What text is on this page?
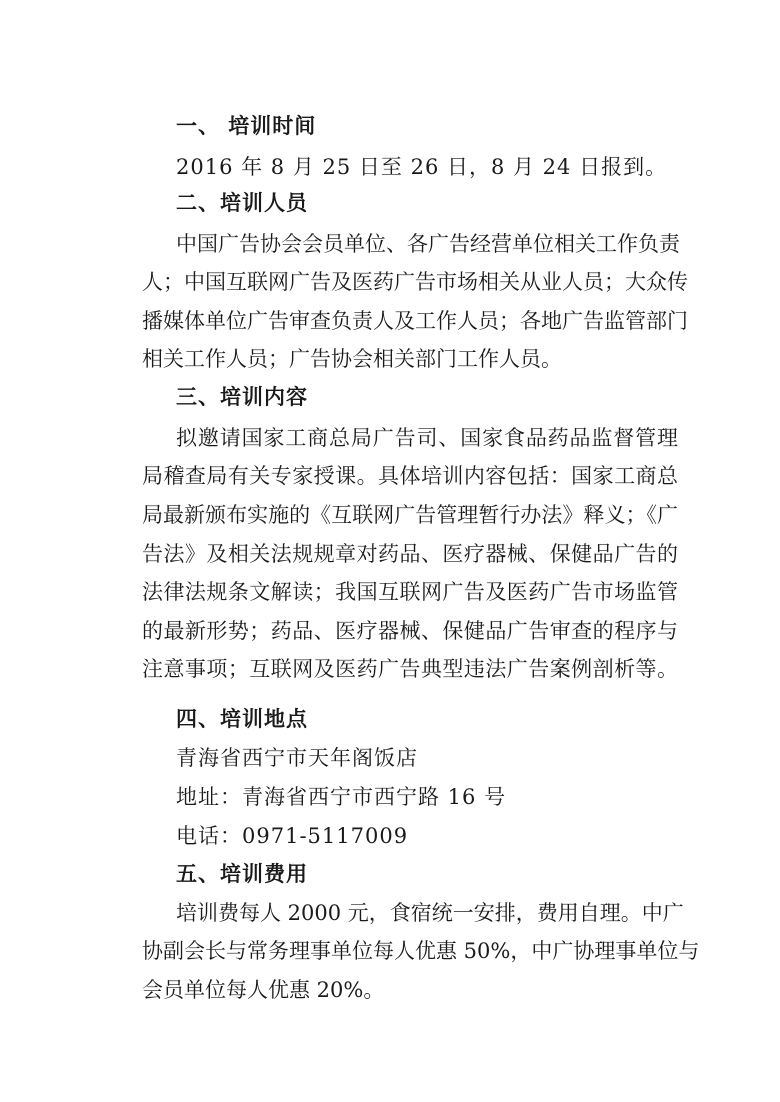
一、 培训时间
2016 年 8 月 25 日至 26 日，8 月 24 日报到。
二、培训人员
中国广告协会会员单位、各广告经营单位相关工作负责
人；中国互联网广告及医药广告市场相关从业人员；大众传
播媒体单位广告审查负责人及工作人员；各地广告监管部门
相关工作人员；广告协会相关部门工作人员。
三、培训内容
拟邀请国家工商总局广告司、国家食品药品监督管理
局稽查局有关专家授课。具体培训内容包括：国家工商总
局最新颁布实施的《互联网广告管理暂行办法》释义；《广
告法》及相关法规规章对药品、医疗器械、保健品广告的
法律法规条文解读；我国互联网广告及医药广告市场监管
的最新形势；药品、医疗器械、保健品广告审查的程序与
注意事项；互联网及医药广告典型违法广告案例剖析等。
四、培训地点
青海省西宁市天年阁饭店
地址：青海省西宁市西宁路 16 号
电话：0971-5117009
五、培训费用
培训费每人 2000 元，食宿统一安排，费用自理。中广
协副会长与常务理事单位每人优惠 50%，中广协理事单位与
会员单位每人优惠 20%。
